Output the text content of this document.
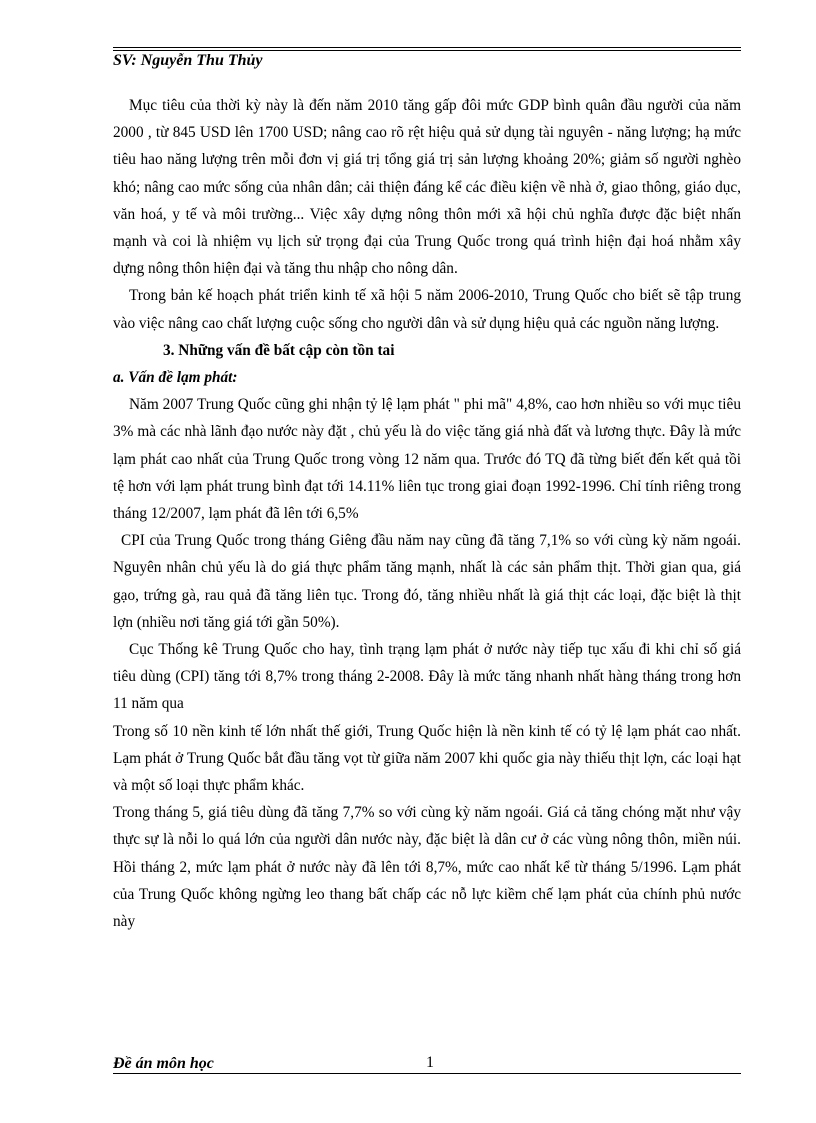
SV: Nguyễn Thu Thủy

Mục tiêu của thời kỳ này là đến năm 2010 tăng gấp đôi mức GDP bình quân đầu người của năm 2000 , từ 845 USD lên 1700 USD; nâng cao rõ rệt hiệu quả sử dụng tài nguyên - năng lượng; hạ mức tiêu hao năng lượng trên mỗi đơn vị giá trị tổng giá trị sản lượng khoảng 20%; giảm số người nghèo khó; nâng cao mức sống của nhân dân; cải thiện đáng kể các điều kiện về nhà ở, giao thông, giáo dục, văn hoá, y tế và môi trường... Việc xây dựng nông thôn mới xã hội chủ nghĩa được đặc biệt nhấn mạnh và coi là nhiệm vụ lịch sử trọng đại của Trung Quốc trong quá trình hiện đại hoá nhằm xây dựng nông thôn hiện đại và tăng thu nhập cho nông dân.

Trong bản kế hoạch phát triển kinh tế xã hội 5 năm 2006-2010, Trung Quốc cho biết sẽ tập trung vào việc nâng cao chất lượng cuộc sống cho người dân và sử dụng hiệu quả các nguồn năng lượng.

3. Những vấn đề bất cập còn tồn tai

a. Vấn đề lạm phát:

Năm 2007 Trung Quốc cũng ghi nhận tỷ lệ lạm phát " phi mã" 4,8%, cao hơn nhiều so với mục tiêu 3% mà các nhà lãnh đạo nước này đặt , chủ yếu là do việc tăng giá nhà đất và lương thực. Đây là mức lạm phát cao nhất của Trung Quốc trong vòng 12 năm qua. Trước đó TQ đã từng biết đến kết quả tồi tệ hơn với lạm phát trung bình đạt tới 14.11% liên tục trong giai đoạn 1992-1996. Chỉ tính riêng trong tháng 12/2007, lạm phát đã lên tới 6,5%

CPI của Trung Quốc trong tháng Giêng đầu năm nay cũng đã tăng 7,1% so với cùng kỳ năm ngoái. Nguyên nhân chủ yếu là do giá thực phẩm tăng mạnh, nhất là các sản phẩm thịt. Thời gian qua, giá gạo, trứng gà, rau quả đã tăng liên tục. Trong đó, tăng nhiều nhất là giá thịt các loại, đặc biệt là thịt lợn (nhiều nơi tăng giá tới gần 50%).

Cục Thống kê Trung Quốc cho hay, tình trạng lạm phát ở nước này tiếp tục xấu đi khi chỉ số giá tiêu dùng (CPI) tăng tới 8,7% trong tháng 2-2008. Đây là mức tăng nhanh nhất hàng tháng trong hơn 11 năm qua

Trong số 10 nền kinh tế lớn nhất thế giới, Trung Quốc hiện là nền kinh tế có tỷ lệ lạm phát cao nhất. Lạm phát ở Trung Quốc bắt đầu tăng vọt từ giữa năm 2007 khi quốc gia này thiếu thịt lợn, các loại hạt và một số loại thực phẩm khác.

Trong tháng 5, giá tiêu dùng đã tăng 7,7% so với cùng kỳ năm ngoái. Giá cả tăng chóng mặt như vậy thực sự là nỗi lo quá lớn của người dân nước này, đặc biệt là dân cư ở các vùng nông thôn, miền núi. Hồi tháng 2, mức lạm phát ở nước này đã lên tới 8,7%, mức cao nhất kể từ tháng 5/1996. Lạm phát của Trung Quốc không ngừng leo thang bất chấp các nỗ lực kiềm chế lạm phát của chính phủ nước này

Đề án môn học	1
